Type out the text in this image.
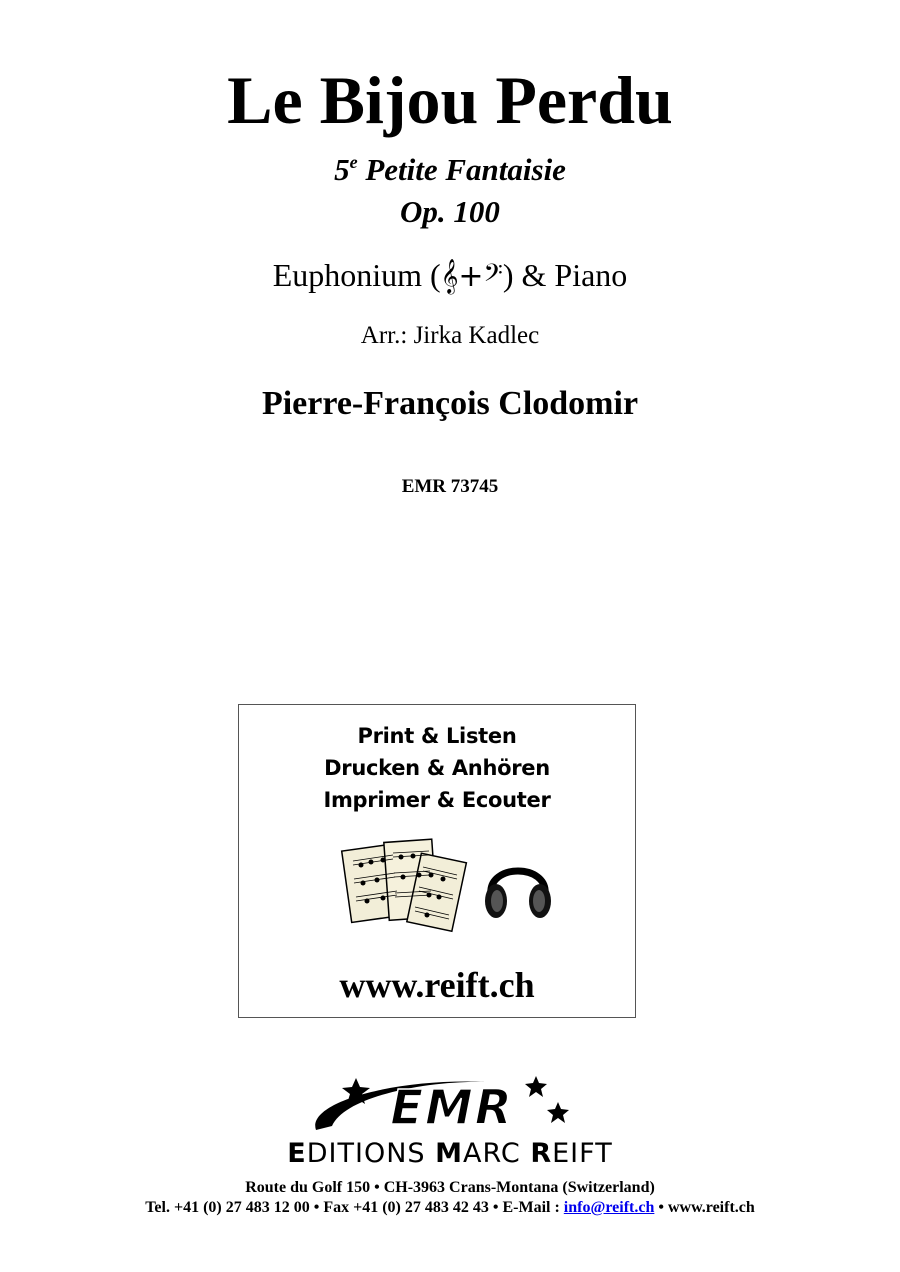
Le Bijou Perdu
5e Petite Fantaisie
Op. 100
Euphonium (𝄞+𝄢) & Piano
Arr.: Jirka Kadlec
Pierre-François Clodomir
EMR 73745
Print & Listen
Drucken & Anhören
Imprimer & Ecouter
www.reift.ch
EMR
EDITIONS MARC REIFT
Route du Golf 150 • CH-3963 Crans-Montana (Switzerland)
Tel. +41 (0) 27 483 12 00 • Fax +41 (0) 27 483 42 43 • E-Mail : info@reift.ch • www.reift.ch
